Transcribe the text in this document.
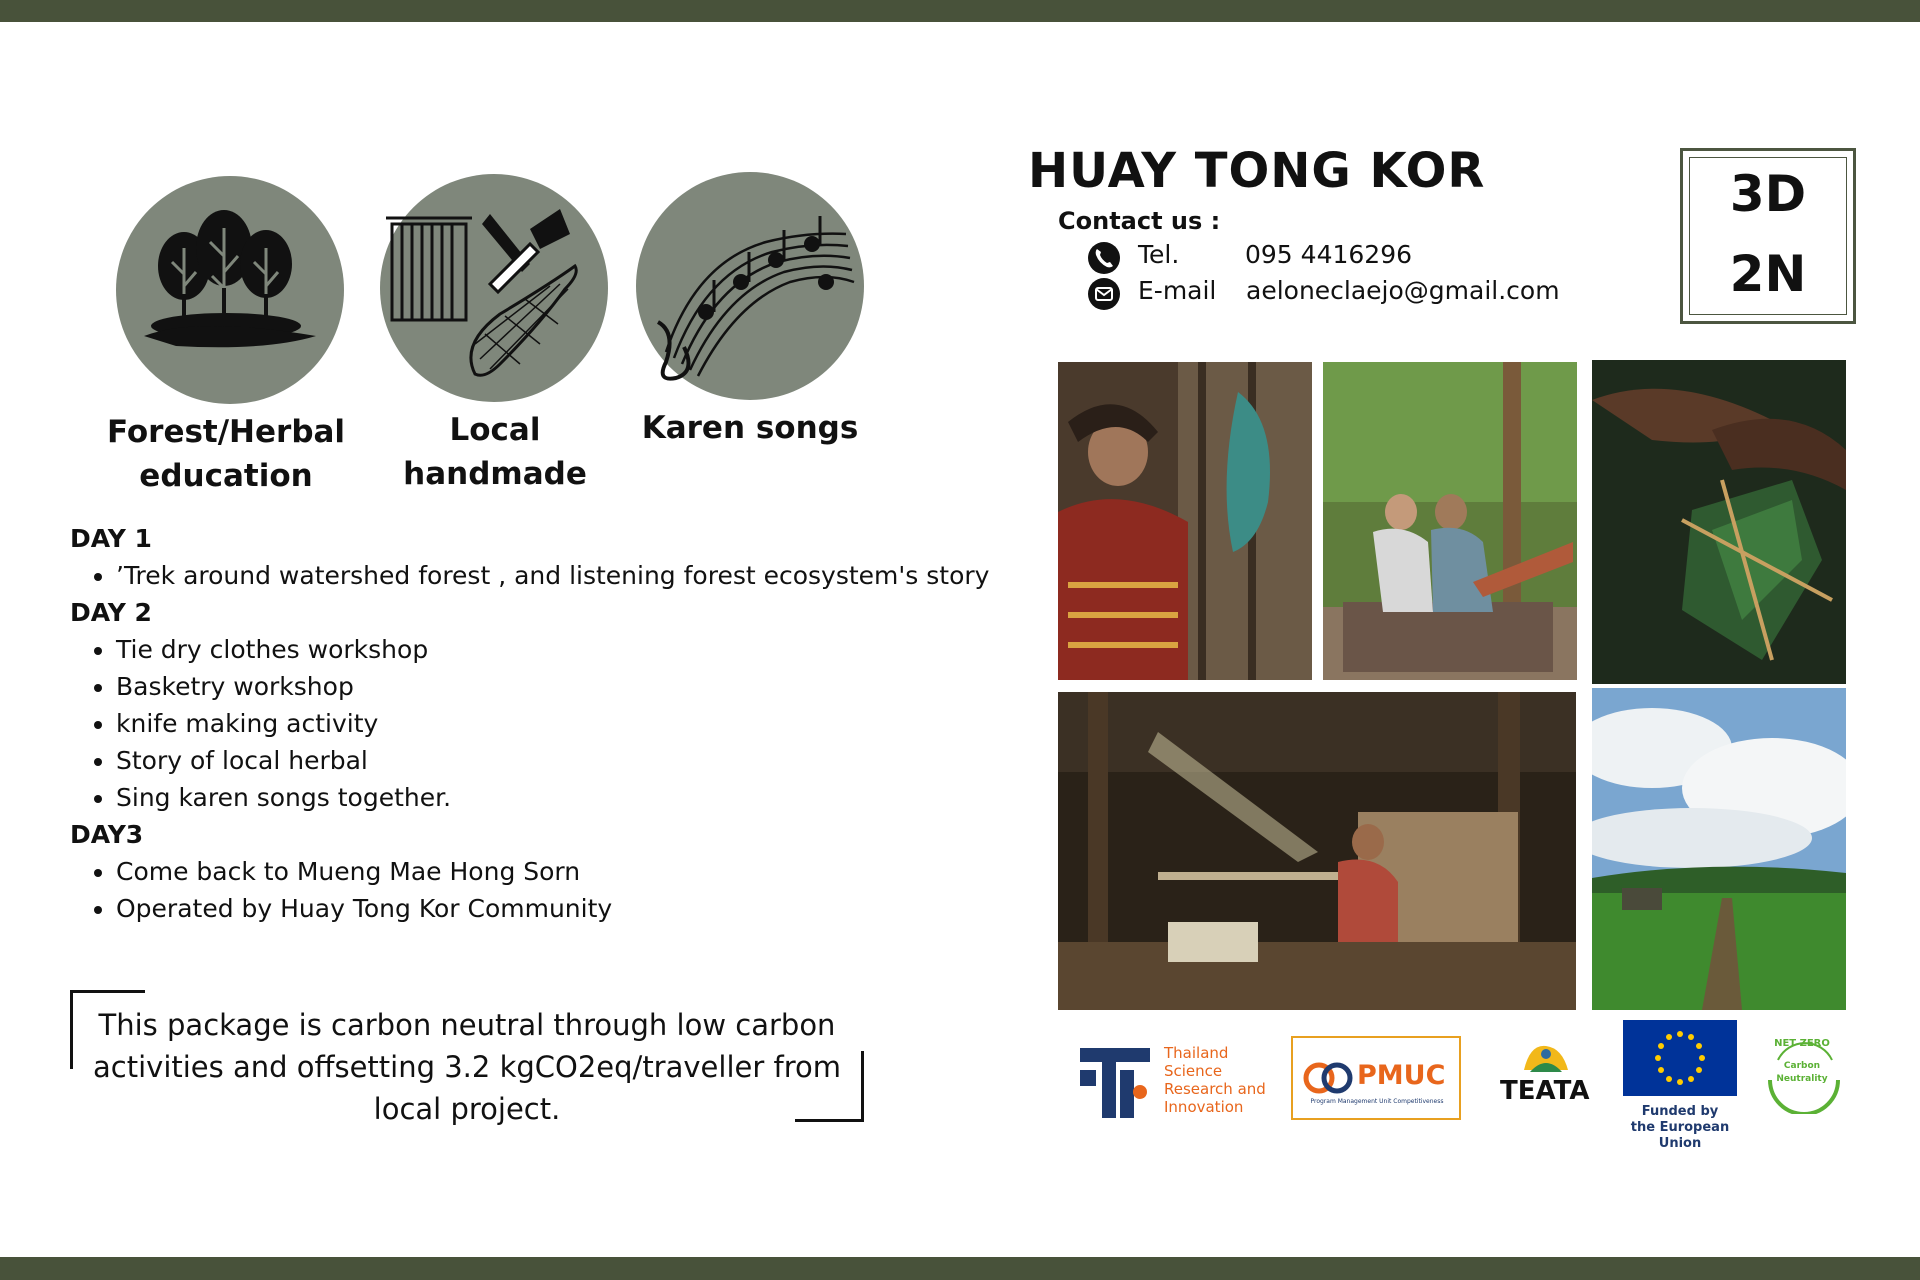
Forest/Herbal
education
Local
handmade
Karen songs
DAY 1
• ’Trek around watershed forest , and listening forest ecosystem's story
DAY 2
• Tie dry clothes workshop
• Basketry workshop
• knife making activity
• Story of local herbal
• Sing karen songs together.
DAY3
• Come back to Mueng Mae Hong Sorn
• Operated by Huay Tong Kor Community
This package is carbon neutral through low carbon
activities and offsetting 3.2 kgCO2eq/traveller from
local project.
HUAY TONG KOR
Contact us :
Tel.	095 4416296
E-mail aeloneclaejo@gmail.com
3D
2N
Thailand
Science
Research and
Innovation
PMUC
Program Management Unit Competitiveness	TEATA
Funded by
the European Union
NET ZERO
Carbon
Neutrality
